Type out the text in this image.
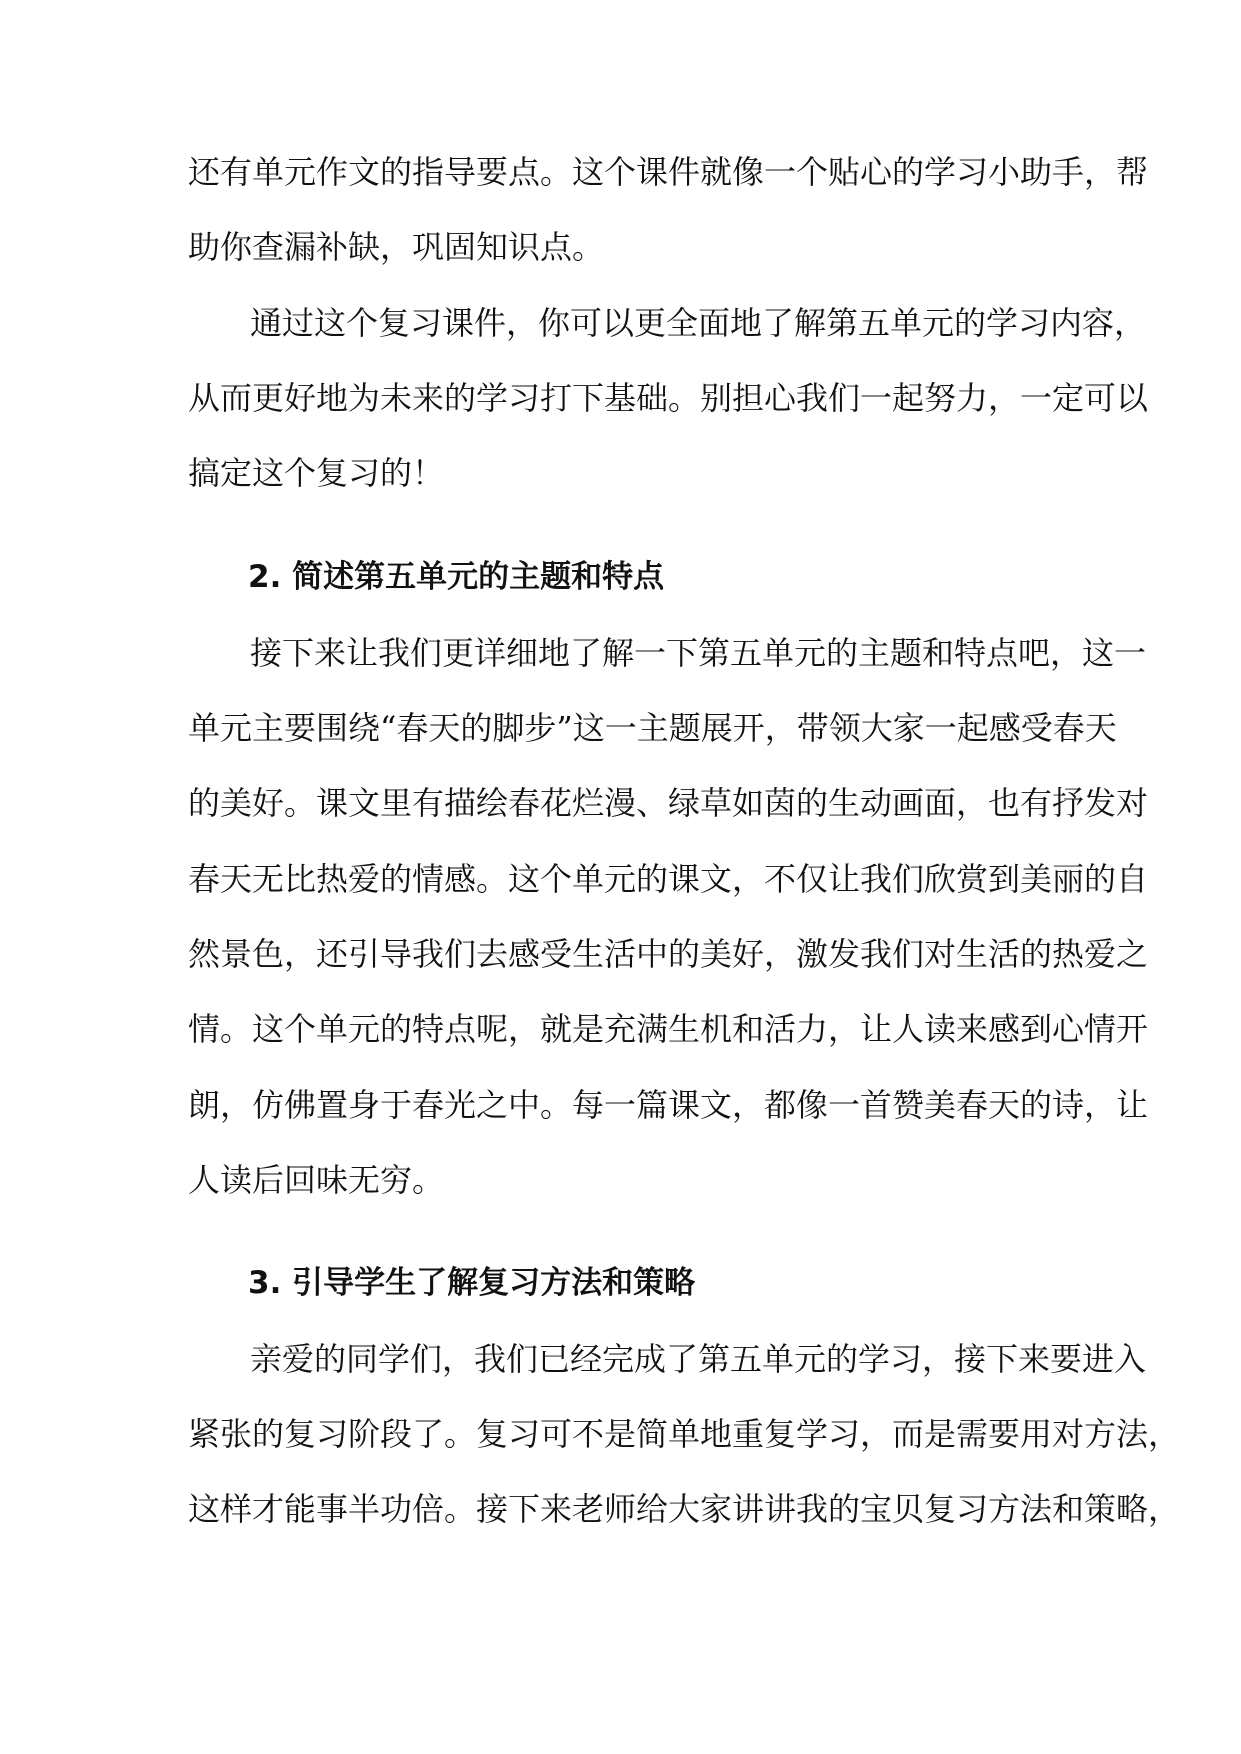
还有单元作文的指导要点。这个课件就像一个贴心的学习小助手，帮
助你查漏补缺，巩固知识点。
通过这个复习课件，你可以更全面地了解第五单元的学习内容，
从而更好地为未来的学习打下基础。别担心我们一起努力，一定可以
搞定这个复习的！
2. 简述第五单元的主题和特点
接下来让我们更详细地了解一下第五单元的主题和特点吧，这一
单元主要围绕“春天的脚步”这一主题展开，带领大家一起感受春天
的美好。课文里有描绘春花烂漫、绿草如茵的生动画面，也有抒发对
春天无比热爱的情感。这个单元的课文，不仅让我们欣赏到美丽的自
然景色，还引导我们去感受生活中的美好，激发我们对生活的热爱之
情。这个单元的特点呢，就是充满生机和活力，让人读来感到心情开
朗，仿佛置身于春光之中。每一篇课文，都像一首赞美春天的诗，让
人读后回味无穷。
3. 引导学生了解复习方法和策略
亲爱的同学们，我们已经完成了第五单元的学习，接下来要进入
紧张的复习阶段了。复习可不是简单地重复学习，而是需要用对方法，
这样才能事半功倍。接下来老师给大家讲讲我的宝贝复习方法和策略，
